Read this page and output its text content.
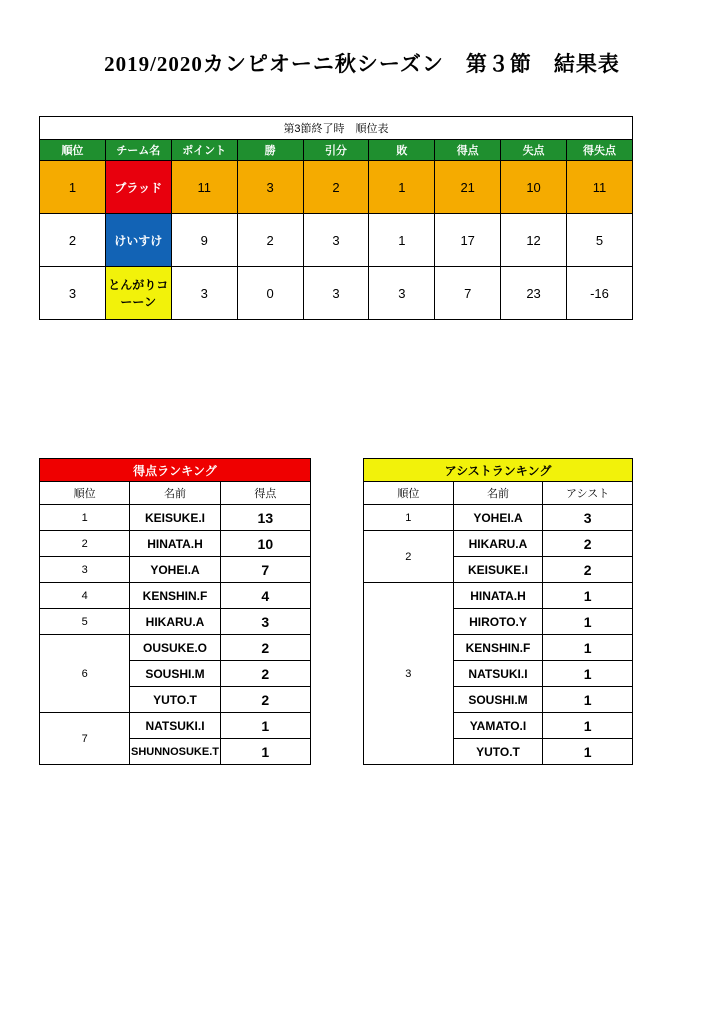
2019/2020カンピオーニ秋シーズン　第３節　結果表
第3節終了時　順位表								
順位	チーム名	ポイント	勝	引分	敗	得点	失点	得失点
1	ブラッド	11	3	2	1	21	10	11
2	けいすけ	9	2	3	1	17	12	5
3	とんがりコーーン	3	0	3	3	7	23	-16
得点ランキング		
順位	名前	得点
1	KEISUKE.I	13
2	HINATA.H	10
3	YOHEI.A	7
4	KENSHIN.F	4
5	HIKARU.A	3
6	OUSUKE.O	2
	SOUSHI.M	2
	YUTO.T	2
7	NATSUKI.I	1
	SHUNNOSUKE.T	1
アシストランキング		
順位	名前	アシスト
1	YOHEI.A	3
2	HIKARU.A	2
	KEISUKE.I	2
3	HINATA.H	1
	HIROTO.Y	1
	KENSHIN.F	1
	NATSUKI.I	1
	SOUSHI.M	1
	YAMATO.I	1
	YUTO.T	1
